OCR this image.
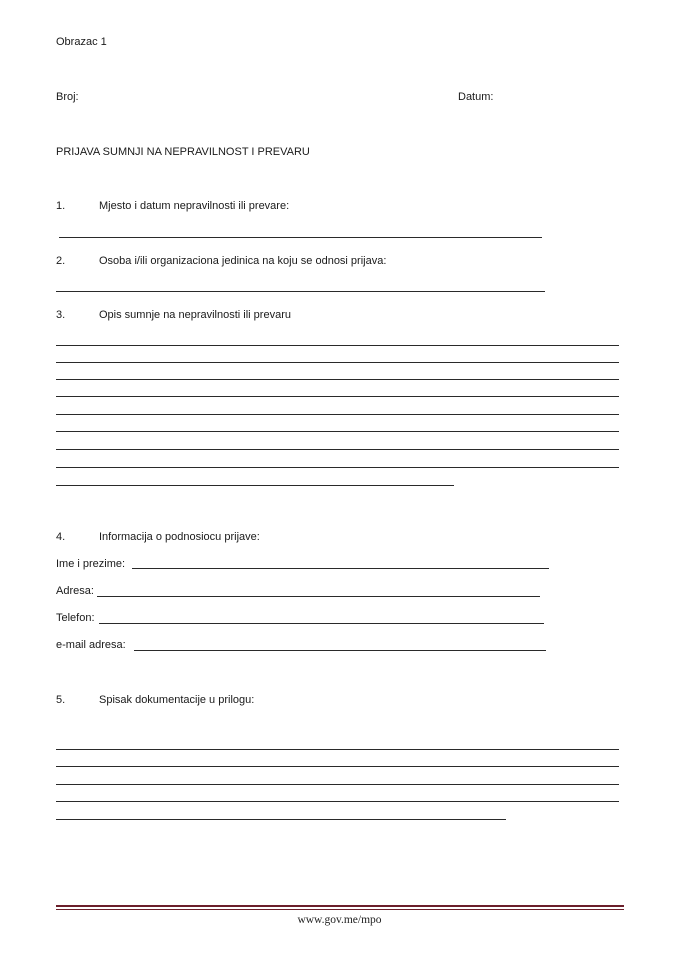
Obrazac 1
Broj:	Datum:
PRIJAVA SUMNJI NA NEPRAVILNOST I PREVARU
1.	Mjesto i datum nepravilnosti ili prevare:
2.	Osoba i/ili organizaciona jedinica na koju se odnosi prijava:
3.	Opis sumnje na nepravilnosti ili prevaru
4.	Informacija o podnosiocu prijave:
Ime i prezime:
Adresa:
Telefon:
e-mail adresa:
5.	Spisak dokumentacije u prilogu:
www.gov.me/mpo
